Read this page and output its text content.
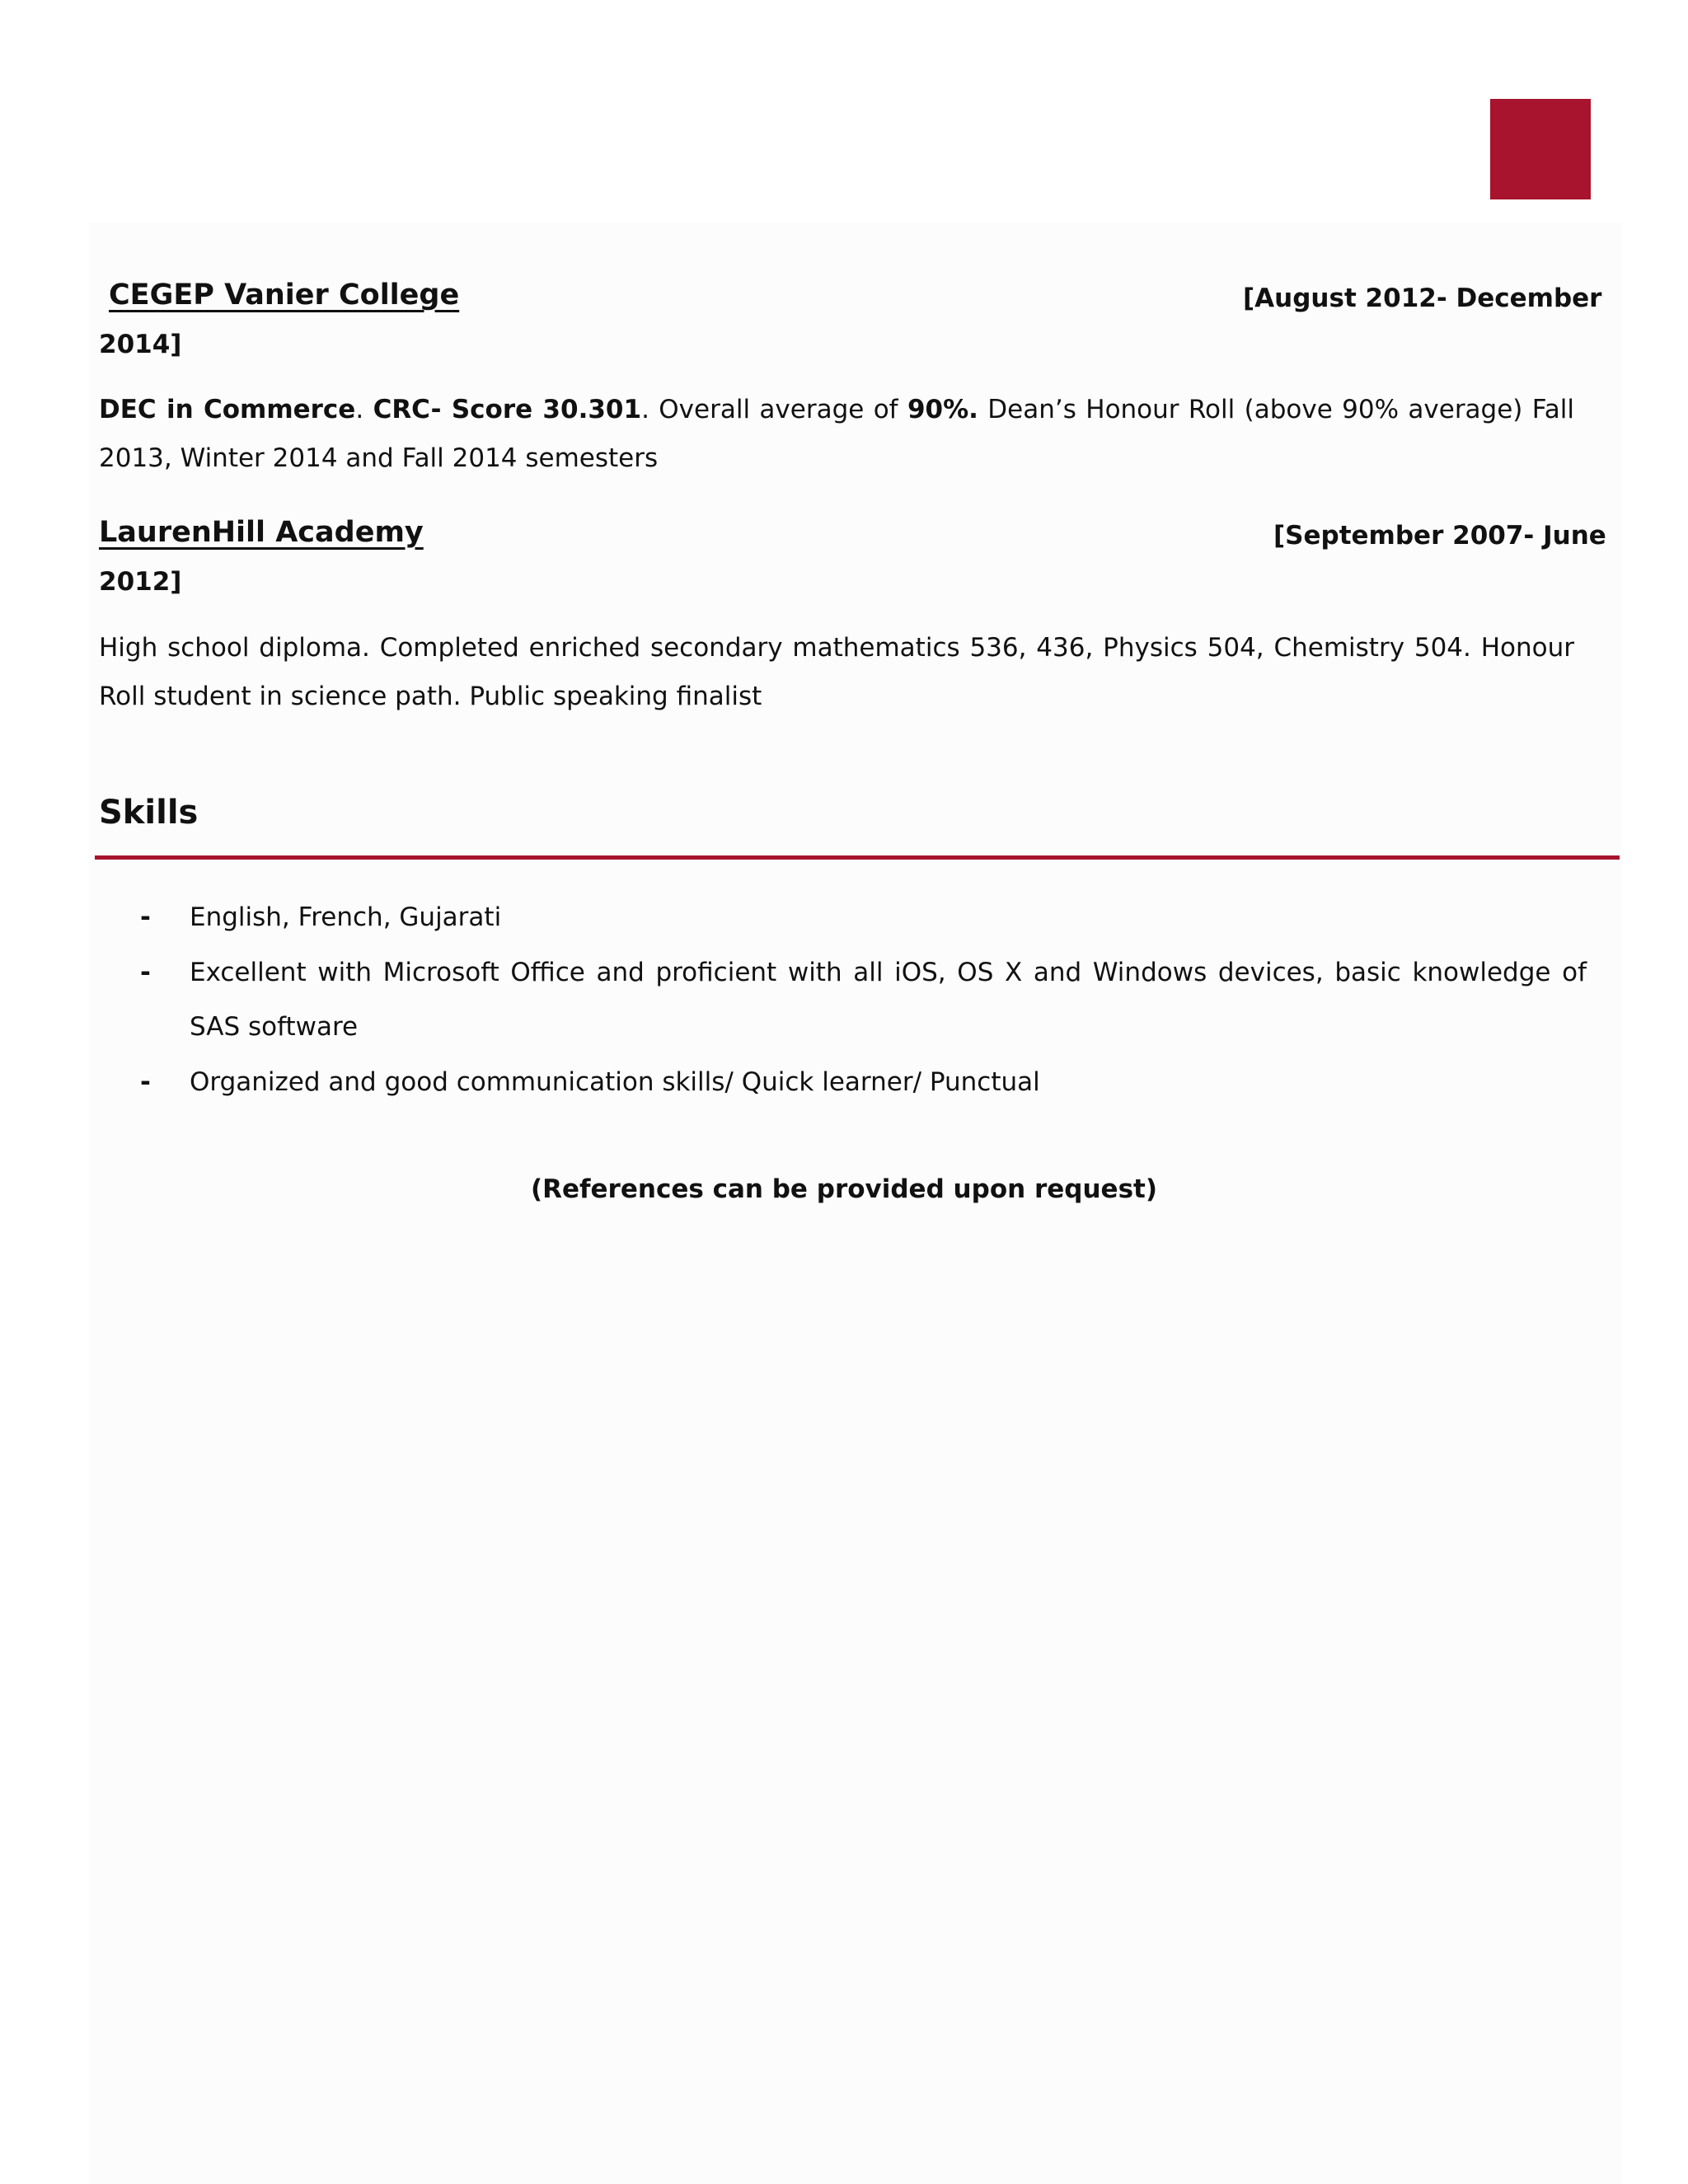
CEGEP Vanier College	[August 2012- December
2014]
DEC in Commerce. CRC- Score 30.301. Overall average of 90%. Dean’s Honour Roll (above 90% average) Fall 2013, Winter 2014 and Fall 2014 semesters
LaurenHill Academy	[September 2007- June
2012]
High school diploma. Completed enriched secondary mathematics 536, 436, Physics 504, Chemistry 504. Honour Roll student in science path. Public speaking finalist
Skills
- English, French, Gujarati
- Excellent with Microsoft Office and proficient with all iOS, OS X and Windows devices, basic knowledge of SAS software
- Organized and good communication skills/ Quick learner/ Punctual
(References can be provided upon request)
